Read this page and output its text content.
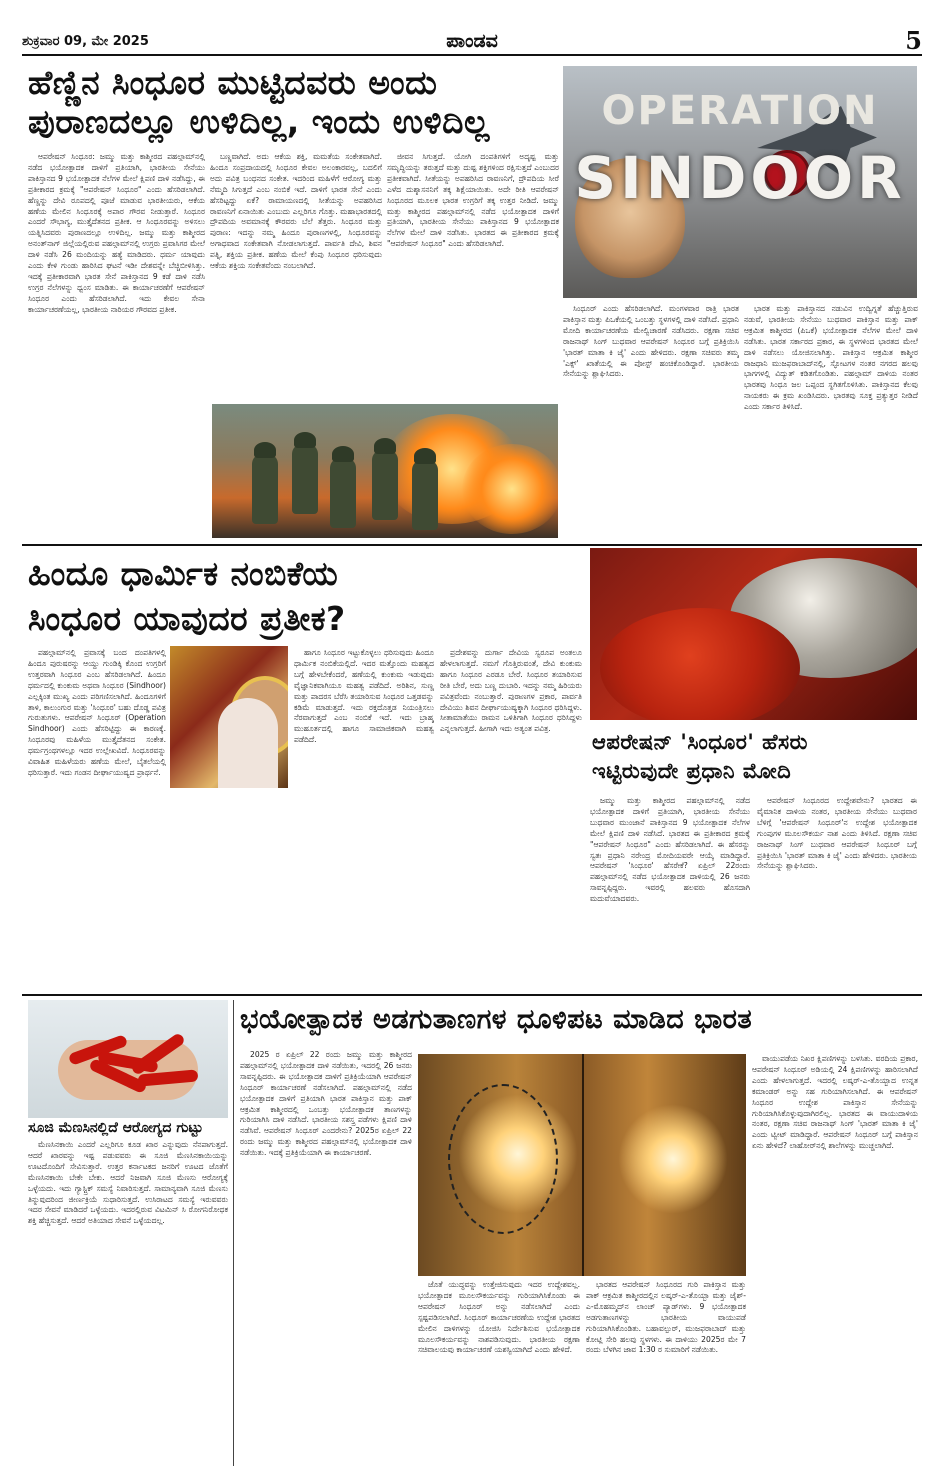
ಶುಕ್ರವಾರ 09, ಮೇ 2025	ಪಾಂಡವ	5
ಹೆಣ್ಣಿನ ಸಿಂಧೂರ ಮುಟ್ಟಿದವರು ಅಂದು
ಪುರಾಣದಲ್ಲೂ ಉಳಿದಿಲ್ಲ, ಇಂದು ಉಳಿದಿಲ್ಲ	OPERATION
SINDOOR

ಆಪರೇಷನ್ ಸಿಂಧೂರ: ಜಮ್ಮು ಮತ್ತು ಕಾಶ್ಮೀರದ ಪಹಲ್ಗಾಮ್‌ನಲ್ಲಿ ನಡೆದ ಭಯೋತ್ಪಾದಕ ದಾಳಿಗೆ ಪ್ರತಿಯಾಗಿ, ಭಾರತೀಯ ಸೇನೆಯು ಪಾಕಿಸ್ತಾನದ 9 ಭಯೋತ್ಪಾದಕ ನೆಲೆಗಳ ಮೇಲೆ ಕ್ಷಿಪಣಿ ದಾಳಿ ನಡೆಸಿದ್ದು, ಈ ಪ್ರತೀಕಾರದ ಕ್ರಮಕ್ಕೆ "ಆಪರೇಷನ್ ಸಿಂಧೂರ" ಎಂದು ಹೆಸರಿಡಲಾಗಿದೆ. ಹೆಣ್ಣನ್ನು ದೇವಿ ರೂಪದಲ್ಲಿ ಪೂಜೆ ಮಾಡುವ ಭಾರತೀಯರು, ಆಕೆಯ ಹಣೆಯ ಮೇಲಿನ ಸಿಂಧೂರಕ್ಕೆ ಅಪಾರ ಗೌರವ ನೀಡುತ್ತಾರೆ. ಸಿಂಧೂರ ಎಂದರೆ ಸೌಭಾಗ್ಯ, ಮುತ್ತೈದೆತನದ ಪ್ರತೀಕ. ಆ ಸಿಂಧೂರವನ್ನು ಅಳಿಸಲು ಯತ್ನಿಸಿದವರು ಪುರಾಣದಲ್ಲೂ ಉಳಿದಿಲ್ಲ. ಜಮ್ಮು ಮತ್ತು ಕಾಶ್ಮೀರದ ಅನಂತ್‌ನಾಗ್ ಜಿಲ್ಲೆಯಲ್ಲಿರುವ ಪಹಲ್ಗಾಮ್‌ನಲ್ಲಿ ಉಗ್ರರು ಪ್ರವಾಸಿಗರ ಮೇಲೆ ದಾಳಿ ನಡೆಸಿ 26 ಮಂದಿಯನ್ನು ಹತ್ಯೆ ಮಾಡಿದರು. ಧರ್ಮ ಯಾವುದು ಎಂದು ಕೇಳಿ ಗುಂಡು ಹಾರಿಸಿದ ಘಟನೆ ಇಡೀ ದೇಶವನ್ನೇ ಬೆಚ್ಚಿಬೀಳಿಸಿತ್ತು. ಇದಕ್ಕೆ ಪ್ರತೀಕಾರವಾಗಿ ಭಾರತ ಸೇನೆ ಪಾಕಿಸ್ತಾನದ 9 ಕಡೆ ದಾಳಿ ನಡೆಸಿ ಉಗ್ರರ ನೆಲೆಗಳನ್ನು ಧ್ವಂಸ ಮಾಡಿತು. ಈ ಕಾರ್ಯಾಚರಣೆಗೆ ಆಪರೇಷನ್ ಸಿಂಧೂರ ಎಂದು ಹೆಸರಿಡಲಾಗಿದೆ. ಇದು ಕೇವಲ ಸೇನಾ ಕಾರ್ಯಾಚರಣೆಯಲ್ಲ, ಭಾರತೀಯ ನಾರಿಯರ ಗೌರವದ ಪ್ರತೀಕ.

ಬಣ್ಣವಾಗಿದೆ. ಅದು ಆಕೆಯ ಶಕ್ತಿ, ಮಮತೆಯ ಸಂಕೇತವಾಗಿದೆ. ಹಿಂದೂ ಸಂಪ್ರದಾಯದಲ್ಲಿ ಸಿಂಧೂರ ಕೇವಲ ಅಲಂಕಾರವಲ್ಲ, ಬದಲಿಗೆ ಅದು ಪವಿತ್ರ ಬಂಧನದ ಸಂಕೇತ. ಇದರಿಂದ ಮಹಿಳೆಗೆ ಆರೋಗ್ಯ ಮತ್ತು ನೆಮ್ಮದಿ ಸಿಗುತ್ತದೆ ಎಂಬ ನಂಬಿಕೆ ಇದೆ. ದಾಳಿಗೆ ಭಾರತ ಸೇನೆ ಎಂದು ಹೆಸರಿಟ್ಟದ್ದು ಏಕೆ? ರಾಮಾಯಣದಲ್ಲಿ ಸೀತೆಯನ್ನು ಅಪಹರಿಸಿದ ರಾವಣನಿಗೆ ಏನಾಯಿತು ಎಂಬುದು ಎಲ್ಲರಿಗೂ ಗೊತ್ತು. ಮಹಾಭಾರತದಲ್ಲಿ ದ್ರೌಪದಿಯ ಅವಮಾನಕ್ಕೆ ಕೌರವರು ಬೆಲೆ ತೆತ್ತರು. ಸಿಂಧೂರ ಮತ್ತು ಪುರಾಣ: ಇದನ್ನು ನಮ್ಮ ಹಿಂದೂ ಪುರಾಣಗಳಲ್ಲಿ, ಸಿಂಧೂರವನ್ನು ಅಗಾಧವಾದ ಸಂಕೇತವಾಗಿ ನೋಡಲಾಗುತ್ತದೆ. ಪಾರ್ವತಿ ದೇವಿ, ಶಿವನ ಪತ್ನಿ, ಶಕ್ತಿಯ ಪ್ರತೀಕ. ಹಣೆಯ ಮೇಲೆ ಕೆಂಪು ಸಿಂಧೂರ ಧರಿಸುವುದು ಆಕೆಯ ಶಕ್ತಿಯ ಸಂಕೇತವೆಂದು ನಂಬಲಾಗಿದೆ.

ಜೀವನ ಸಿಗುತ್ತದೆ. ಯೋಗಿ ದಂಪತಿಗಳಿಗೆ ಅದೃಷ್ಟ ಮತ್ತು ಸಮೃದ್ಧಿಯನ್ನು ತರುತ್ತದೆ ಮತ್ತು ದುಷ್ಟ ಶಕ್ತಿಗಳಿಂದ ರಕ್ಷಿಸುತ್ತದೆ ಎಂಬುದರ ಪ್ರತೀಕವಾಗಿದೆ. ಸೀತೆಯನ್ನು ಅಪಹರಿಸಿದ ರಾವಣನಿಗೆ, ದ್ರೌಪದಿಯ ಸೀರೆ ಎಳೆದ ದುಶ್ಶಾಸನನಿಗೆ ತಕ್ಕ ಶಿಕ್ಷೆಯಾಯಿತು. ಅದೇ ರೀತಿ ಆಪರೇಷನ್ ಸಿಂಧೂರದ ಮೂಲಕ ಭಾರತ ಉಗ್ರರಿಗೆ ತಕ್ಕ ಉತ್ತರ ನೀಡಿದೆ. ಜಮ್ಮು ಮತ್ತು ಕಾಶ್ಮೀರದ ಪಹಲ್ಗಾಮ್‌ನಲ್ಲಿ ನಡೆದ ಭಯೋತ್ಪಾದಕ ದಾಳಿಗೆ ಪ್ರತಿಯಾಗಿ, ಭಾರತೀಯ ಸೇನೆಯು ಪಾಕಿಸ್ತಾನದ 9 ಭಯೋತ್ಪಾದಕ ನೆಲೆಗಳ ಮೇಲೆ ದಾಳಿ ನಡೆಸಿತು. ಭಾರತದ ಈ ಪ್ರತೀಕಾರದ ಕ್ರಮಕ್ಕೆ "ಆಪರೇಷನ್ ಸಿಂಧೂರ" ಎಂದು ಹೆಸರಿಡಲಾಗಿದೆ.

ಸಿಂಧೂರ್ ಎಂದು ಹೆಸರಿಡಲಾಗಿದೆ. ಮಂಗಳವಾರ ರಾತ್ರಿ ಭಾರತ ಪಾಕಿಸ್ತಾನ ಮತ್ತು ಪಿಒಕೆಯಲ್ಲಿ ಒಂಬತ್ತು ಸ್ಥಳಗಳಲ್ಲಿ ದಾಳಿ ನಡೆಸಿದೆ. ಪ್ರಧಾನಿ ಮೋದಿ ಕಾರ್ಯಾಚರಣೆಯ ಮೇಲ್ವಿಚಾರಣೆ ನಡೆಸಿದರು. ರಕ್ಷಣಾ ಸಚಿವ ರಾಜನಾಥ್ ಸಿಂಗ್ ಬುಧವಾರ ಆಪರೇಷನ್ ಸಿಂಧೂರ ಬಗ್ಗೆ ಪ್ರತಿಕ್ರಿಯಿಸಿ 'ಭಾರತ್ ಮಾತಾ ಕಿ ಜೈ' ಎಂದು ಹೇಳಿದರು. ರಕ್ಷಣಾ ಸಚಿವರು ತಮ್ಮ 'ಎಕ್ಸ್' ಖಾತೆಯಲ್ಲಿ ಈ ಪೋಸ್ಟ್ ಹಂಚಿಕೊಂಡಿದ್ದಾರೆ. ಭಾರತೀಯ ಸೇನೆಯನ್ನು ಶ್ಲಾಘಿಸಿದರು.

ಭಾರತ ಮತ್ತು ಪಾಕಿಸ್ತಾನದ ನಡುವಿನ ಉದ್ವಿಗ್ನತೆ ಹೆಚ್ಚುತ್ತಿರುವ ನಡುವೆ, ಭಾರತೀಯ ಸೇನೆಯು ಬುಧವಾರ ಪಾಕಿಸ್ತಾನ ಮತ್ತು ಪಾಕ್ ಆಕ್ರಮಿತ ಕಾಶ್ಮೀರದ (ಪಿಒಕೆ) ಭಯೋತ್ಪಾದಕ ನೆಲೆಗಳ ಮೇಲೆ ದಾಳಿ ನಡೆಸಿತು. ಭಾರತ ಸರ್ಕಾರದ ಪ್ರಕಾರ, ಈ ಸ್ಥಳಗಳಿಂದ ಭಾರತದ ಮೇಲೆ ದಾಳಿ ನಡೆಸಲು ಯೋಜಿಸಲಾಗಿತ್ತು. ಪಾಕಿಸ್ತಾನ ಆಕ್ರಮಿತ ಕಾಶ್ಮೀರ ರಾಜಧಾನಿ ಮುಜಫರಾಬಾದ್‌ನಲ್ಲಿ, ಸ್ಫೋಟಗಳ ನಂತರ ನಗರದ ಹಲವು ಭಾಗಗಳಲ್ಲಿ ವಿದ್ಯುತ್ ಕಡಿತಗೊಂಡಿತು. ಪಹಲ್ಗಾಮ್ ದಾಳಿಯ ನಂತರ ಭಾರತವು ಸಿಂಧೂ ಜಲ ಒಪ್ಪಂದ ಸ್ಥಗಿತಗೊಳಿಸಿತು. ಪಾಕಿಸ್ತಾನದ ಕೆಲವು ನಾಯಕರು ಈ ಕ್ರಮ ಖಂಡಿಸಿದರು. ಭಾರತವು ಸೂಕ್ತ ಪ್ರತ್ಯುತ್ತರ ನೀಡಿದೆ ಎಂದು ಸರ್ಕಾರ ತಿಳಿಸಿದೆ.

ಹಿಂದೂ ಧಾರ್ಮಿಕ ನಂಬಿಕೆಯ
ಸಿಂಧೂರ ಯಾವುದರ ಪ್ರತೀಕ?

ಪಹಲ್ಗಾಮ್‌ನಲ್ಲಿ ಪ್ರವಾಸಕ್ಕೆ ಬಂದ ದಂಪತಿಗಳಲ್ಲಿ ಹಿಂದೂ ಪುರುಷರನ್ನು ಆಯ್ದು ಗುಂಡಿಕ್ಕಿ ಕೊಂದ ಉಗ್ರರಿಗೆ ಉತ್ತರವಾಗಿ ಸಿಂಧೂರ ಎಂಬ ಹೆಸರಿಡಲಾಗಿದೆ. ಹಿಂದೂ ಧರ್ಮದಲ್ಲಿ ಕುಂಕುಮ ಅಥವಾ ಸಿಂಧೂರ (Sindhoor) ಎಲ್ಲಕ್ಕಿಂತ ಮುಖ್ಯ ಎಂದು ಪರಿಗಣಿಸಲಾಗಿದೆ. ಹಿಂದೂಗಳಿಗೆ ತಾಳಿ, ಕಾಲುಂಗುರ ಮತ್ತು 'ಸಿಂಧೂರ' ಬಹು ದೊಡ್ಡ ಪವಿತ್ರ ಗುರುತುಗಳು. ಆಪರೇಷನ್ ಸಿಂಧೂರ್ (Operation Sindhoor) ಎಂದು ಹೆಸರಿಟ್ಟಿದ್ದು ಈ ಕಾರಣಕ್ಕೆ. ಸಿಂಧೂರವು ಮಹಿಳೆಯ ಮುತ್ತೈದೆತನದ ಸಂಕೇತ. ಧರ್ಮಗ್ರಂಥಗಳಲ್ಲೂ ಇದರ ಉಲ್ಲೇಖವಿದೆ. ಸಿಂಧೂರವನ್ನು ವಿವಾಹಿತ ಮಹಿಳೆಯರು ಹಣೆಯ ಮೇಲೆ, ಬೈತಲೆಯಲ್ಲಿ ಧರಿಸುತ್ತಾರೆ. ಇದು ಗಂಡನ ದೀರ್ಘಾಯುಷ್ಯದ ಪ್ರಾರ್ಥನೆ.

ಹಾಗೂ ಸಿಂಧೂರ ಇಟ್ಟುಕೊಳ್ಳಲು ಧರಿಸುವುದು ಹಿಂದೂ ಧಾರ್ಮಿಕ ನಂಬಿಕೆಯಲ್ಲಿದೆ. ಇದರ ಮತ್ತೊಂದು ಮಹತ್ವದ ಬಗ್ಗೆ ಹೇಳಬೇಕೆಂದರೆ, ಹಣೆಯಲ್ಲಿ ಕುಂಕುಮ ಇಡುವುದು ವೈಜ್ಞಾನಿಕವಾಗಿಯೂ ಮಹತ್ವ ಪಡೆದಿದೆ. ಅರಿಶಿನ, ಸುಣ್ಣ ಮತ್ತು ಪಾದರಸ ಬೆರೆಸಿ ತಯಾರಿಸುವ ಸಿಂಧೂರ ಒತ್ತಡವನ್ನು ಕಡಿಮೆ ಮಾಡುತ್ತದೆ. ಇದು ರಕ್ತದೊತ್ತಡ ನಿಯಂತ್ರಿಸಲು ನೆರವಾಗುತ್ತದೆ ಎಂಬ ನಂಬಿಕೆ ಇದೆ. ಇದು ಬ್ರಾಹ್ಮ ಮುಹೂರ್ತದಲ್ಲಿ ಹಾಗೂ ಸಾಮಾಜಿಕವಾಗಿ ಮಹತ್ವ ಪಡೆದಿದೆ.

ಪ್ರದೇಶವನ್ನು ದುರ್ಗಾ ದೇವಿಯ ಸ್ವರೂಪ ಅಂತಲೂ ಹೇಳಲಾಗುತ್ತದೆ. ನಮಗೆ ಗೊತ್ತಿರುವಂತೆ, ದೇವಿ ಕುಂಕುಮ ಹಾಗೂ ಸಿಂಧೂರ ಎರಡೂ ಬೇರೆ. ಸಿಂಧೂರ ತಯಾರಿಸುವ ರೀತಿ ಬೇರೆ, ಅದು ಬಣ್ಣ ದುಬಾರಿ. ಇದನ್ನು ನಮ್ಮ ಹಿರಿಯರು ಪವಿತ್ರವೆಂದು ನಂಬುತ್ತಾರೆ. ಪುರಾಣಗಳ ಪ್ರಕಾರ, ಪಾರ್ವತಿ ದೇವಿಯು ಶಿವನ ದೀರ್ಘಾಯುಷ್ಯಕ್ಕಾಗಿ ಸಿಂಧೂರ ಧರಿಸಿದ್ದಳು. ಸೀತಾಮಾತೆಯು ರಾಮನ ಒಳಿತಿಗಾಗಿ ಸಿಂಧೂರ ಧರಿಸಿದ್ದಳು ಎನ್ನಲಾಗುತ್ತದೆ. ಹೀಗಾಗಿ ಇದು ಅತ್ಯಂತ ಪವಿತ್ರ.

ಆಪರೇಷನ್ 'ಸಿಂಧೂರ' ಹೆಸರು
ಇಟ್ಟಿರುವುದೇ ಪ್ರಧಾನಿ ಮೋದಿ

ಜಮ್ಮು ಮತ್ತು ಕಾಶ್ಮೀರದ ಪಹಲ್ಗಾಮ್‌ನಲ್ಲಿ ನಡೆದ ಭಯೋತ್ಪಾದಕ ದಾಳಿಗೆ ಪ್ರತಿಯಾಗಿ, ಭಾರತೀಯ ಸೇನೆಯು ಬುಧವಾರ ಮುಂಜಾನೆ ಪಾಕಿಸ್ತಾನದ 9 ಭಯೋತ್ಪಾದಕ ನೆಲೆಗಳ ಮೇಲೆ ಕ್ಷಿಪಣಿ ದಾಳಿ ನಡೆಸಿದೆ. ಭಾರತದ ಈ ಪ್ರತೀಕಾರದ ಕ್ರಮಕ್ಕೆ "ಆಪರೇಷನ್ ಸಿಂಧೂರ" ಎಂದು ಹೆಸರಿಡಲಾಗಿದೆ. ಈ ಹೆಸರನ್ನು ಸ್ವತಃ ಪ್ರಧಾನಿ ನರೇಂದ್ರ ಮೋದಿಯವರೇ ಆಯ್ಕೆ ಮಾಡಿದ್ದಾರೆ. ಆಪರೇಷನ್ 'ಸಿಂಧೂರ' ಹೆಸರೇಕೆ? ಏಪ್ರಿಲ್ 22ರಂದು ಪಹಲ್ಗಾಮ್‌ನಲ್ಲಿ ನಡೆದ ಭಯೋತ್ಪಾದಕ ದಾಳಿಯಲ್ಲಿ 26 ಜನರು ಸಾವನ್ನಪ್ಪಿದ್ದರು. ಇವರಲ್ಲಿ ಹಲವರು ಹೊಸದಾಗಿ ಮದುವೆಯಾದವರು.

ಆಪರೇಷನ್ ಸಿಂಧೂರದ ಉದ್ದೇಶವೇನು? ಭಾರತದ ಈ ವೈಮಾನಿಕ ದಾಳಿಯ ನಂತರ, ಭಾರತೀಯ ಸೇನೆಯು ಬುಧವಾರ ಬೆಳಿಗ್ಗೆ 'ಆಪರೇಷನ್ ಸಿಂಧೂರ್'ನ ಉದ್ದೇಶ ಭಯೋತ್ಪಾದಕ ಗುಂಪುಗಳ ಮೂಲಸೌಕರ್ಯ ನಾಶ ಎಂದು ತಿಳಿಸಿದೆ. ರಕ್ಷಣಾ ಸಚಿವ ರಾಜನಾಥ್ ಸಿಂಗ್ ಬುಧವಾರ ಆಪರೇಷನ್ ಸಿಂಧೂರ್ ಬಗ್ಗೆ ಪ್ರತಿಕ್ರಿಯಿಸಿ 'ಭಾರತ್ ಮಾತಾ ಕಿ ಜೈ' ಎಂದು ಹೇಳಿದರು. ಭಾರತೀಯ ಸೇನೆಯನ್ನು ಶ್ಲಾಘಿಸಿದರು.

ಸೂಜಿ ಮೆಣಸಿನಲ್ಲಿದೆ ಆರೋಗ್ಯದ ಗುಟ್ಟು

ಮೆಣಸಿನಕಾಯಿ ಎಂದರೆ ಎಲ್ಲರಿಗೂ ಕೂಡ ಖಾರ ಎನ್ನುವುದು ನೆನಪಾಗುತ್ತದೆ. ಆದರೆ ಖಾರವನ್ನು ಇಷ್ಟ ಪಡುವವರು ಈ ಸೂಜಿ ಮೆಣಸಿನಕಾಯಿಯನ್ನು ಊಟದೊಂದಿಗೆ ಸೇವಿಸುತ್ತಾರೆ. ಉತ್ತರ ಕರ್ನಾಟಕದ ಜನರಿಗೆ ಊಟದ ಜೊತೆಗೆ ಮೆಣಸಿನಕಾಯಿ ಬೇಕೇ ಬೇಕು. ಆದರೆ ನಿಜವಾಗಿ ಸೂಜಿ ಮೆಣಸು ಆರೋಗ್ಯಕ್ಕೆ ಒಳ್ಳೆಯದು. ಇದು ಗ್ಯಾಸ್ಟ್ರಿಕ್ ಸಮಸ್ಯೆ ನಿವಾರಿಸುತ್ತದೆ. ಸಾಮಾನ್ಯವಾಗಿ ಸೂಜಿ ಮೆಣಸು ತಿನ್ನುವುದರಿಂದ ಜೀರ್ಣಕ್ರಿಯೆ ಸುಧಾರಿಸುತ್ತದೆ. ಉಸಿರಾಟದ ಸಮಸ್ಯೆ ಇರುವವರು ಇದರ ಸೇವನೆ ಮಾಡಿದರೆ ಒಳ್ಳೆಯದು. ಇದರಲ್ಲಿರುವ ವಿಟಮಿನ್ ಸಿ ರೋಗನಿರೋಧಕ ಶಕ್ತಿ ಹೆಚ್ಚಿಸುತ್ತದೆ. ಆದರೆ ಅತಿಯಾದ ಸೇವನೆ ಒಳ್ಳೆಯದಲ್ಲ.

ಭಯೋತ್ಪಾದಕ ಅಡಗುತಾಣಗಳ ಧೂಳಿಪಟ ಮಾಡಿದ ಭಾರತ

2025 ರ ಏಪ್ರಿಲ್ 22 ರಂದು ಜಮ್ಮು ಮತ್ತು ಕಾಶ್ಮೀರದ ಪಹಲ್ಗಾಮ್‌ನಲ್ಲಿ ಭಯೋತ್ಪಾದಕ ದಾಳಿ ನಡೆಯಿತು, ಇದರಲ್ಲಿ 26 ಜನರು ಸಾವನ್ನಪ್ಪಿದರು. ಈ ಭಯೋತ್ಪಾದಕ ದಾಳಿಗೆ ಪ್ರತಿಕ್ರಿಯೆಯಾಗಿ ಆಪರೇಷನ್ ಸಿಂಧೂರ್ ಕಾರ್ಯಾಚರಣೆ ನಡೆಸಲಾಗಿದೆ. ಪಹಲ್ಗಾಮ್‌ನಲ್ಲಿ ನಡೆದ ಭಯೋತ್ಪಾದಕ ದಾಳಿಗೆ ಪ್ರತಿಯಾಗಿ ಭಾರತ ಪಾಕಿಸ್ತಾನ ಮತ್ತು ಪಾಕ್ ಆಕ್ರಮಿತ ಕಾಶ್ಮೀರದಲ್ಲಿ ಒಂಬತ್ತು ಭಯೋತ್ಪಾದಕ ತಾಣಗಳನ್ನು ಗುರಿಯಾಗಿಸಿ ದಾಳಿ ನಡೆಸಿದೆ. ಭಾರತೀಯ ಸಶಸ್ತ್ರ ಪಡೆಗಳು ಕ್ಷಿಪಣಿ ದಾಳಿ ನಡೆಸಿವೆ. ಆಪರೇಷನ್ ಸಿಂಧೂರ್ ಎಂದರೇನು? 2025ರ ಏಪ್ರಿಲ್ 22 ರಂದು ಜಮ್ಮು ಮತ್ತು ಕಾಶ್ಮೀರದ ಪಹಲ್ಗಾಮ್‌ನಲ್ಲಿ ಭಯೋತ್ಪಾದಕ ದಾಳಿ ನಡೆಯಿತು. ಇದಕ್ಕೆ ಪ್ರತಿಕ್ರಿಯೆಯಾಗಿ ಈ ಕಾರ್ಯಾಚರಣೆ.

ಜೊತೆ ಯುದ್ಧವನ್ನು ಉತ್ತೇಜಿಸುವುದು ಇದರ ಉದ್ದೇಶವಲ್ಲ. ಭಯೋತ್ಪಾದಕ ಮೂಲಸೌಕರ್ಯವನ್ನು ಗುರಿಯಾಗಿಸಿಕೊಂಡು ಈ ಆಪರೇಷನ್ ಸಿಂಧೂರ್ ಅನ್ನು ನಡೆಸಲಾಗಿದೆ ಎಂದು ಸ್ಪಷ್ಟಪಡಿಸಲಾಗಿದೆ. ಸಿಂಧೂರ್ ಕಾರ್ಯಾಚರಣೆಯ ಉದ್ದೇಶ ಭಾರತದ ಮೇಲಿನ ದಾಳಿಗಳನ್ನು ಯೋಜಿಸಿ ನಿರ್ದೇಶಿಸುವ ಭಯೋತ್ಪಾದಕ ಮೂಲಸೌಕರ್ಯವನ್ನು ನಾಶಪಡಿಸುವುದು. ಭಾರತೀಯ ರಕ್ಷಣಾ ಸಚಿವಾಲಯವು ಕಾರ್ಯಾಚರಣೆ ಯಶಸ್ವಿಯಾಗಿದೆ ಎಂದು ಹೇಳಿದೆ.

ಭಾರತದ ಆಪರೇಷನ್ ಸಿಂಧೂರದ ಗುರಿ ಪಾಕಿಸ್ತಾನ ಮತ್ತು ಪಾಕ್ ಆಕ್ರಮಿತ ಕಾಶ್ಮೀರದಲ್ಲಿನ ಲಷ್ಕರ್-ಎ-ತೊಯ್ಬಾ ಮತ್ತು ಜೈಶ್-ಎ-ಮೊಹಮ್ಮದ್‌ನ ಲಾಂಚ್ ಪ್ಯಾಡ್‌ಗಳು. 9 ಭಯೋತ್ಪಾದಕ ಅಡಗುತಾಣಗಳನ್ನು ಭಾರತೀಯ ವಾಯುಪಡೆ ಗುರಿಯಾಗಿಸಿಕೊಂಡಿತು. ಬಹಾವಲ್ಪುರ್, ಮುಜಫರಾಬಾದ್ ಮತ್ತು ಕೋಟ್ಲಿ ಸೇರಿ ಹಲವು ಸ್ಥಳಗಳು. ಈ ದಾಳಿಯು 2025ರ ಮೇ 7 ರಂದು ಬೆಳಗಿನ ಜಾವ 1:30 ರ ಸುಮಾರಿಗೆ ನಡೆಯಿತು.

ವಾಯುಪಡೆಯ ನಿಖರ ಕ್ಷಿಪಣಿಗಳನ್ನು ಬಳಸಿತು. ವರದಿಯ ಪ್ರಕಾರ, ಆಪರೇಷನ್ ಸಿಂಧೂರ್ ಅಡಿಯಲ್ಲಿ 24 ಕ್ಷಿಪಣಿಗಳನ್ನು ಹಾರಿಸಲಾಗಿದೆ ಎಂದು ಹೇಳಲಾಗುತ್ತದೆ. ಇದರಲ್ಲಿ ಲಷ್ಕರ್-ಎ-ತೊಯ್ಬಾದ ಉನ್ನತ ಕಮಾಂಡರ್ ಅನ್ನು ಸಹ ಗುರಿಯಾಗಿಸಲಾಗಿದೆ. ಈ ಆಪರೇಷನ್ ಸಿಂಧೂರ ಉದ್ದೇಶ ಪಾಕಿಸ್ತಾನ ಸೇನೆಯನ್ನು ಗುರಿಯಾಗಿಸಿಕೊಳ್ಳುವುದಾಗಿರಲಿಲ್ಲ. ಭಾರತದ ಈ ವಾಯುದಾಳಿಯ ನಂತರ, ರಕ್ಷಣಾ ಸಚಿವ ರಾಜನಾಥ್ ಸಿಂಗ್ 'ಭಾರತ್ ಮಾತಾ ಕಿ ಜೈ' ಎಂದು ಟ್ವೀಟ್ ಮಾಡಿದ್ದಾರೆ. ಆಪರೇಷನ್ ಸಿಂಧೂರ್ ಬಗ್ಗೆ ಪಾಕಿಸ್ತಾನ ಏನು ಹೇಳಿದೆ? ಲಾಹೋರ್‌ನಲ್ಲಿ ಶಾಲೆಗಳನ್ನು ಮುಚ್ಚಲಾಗಿದೆ.
